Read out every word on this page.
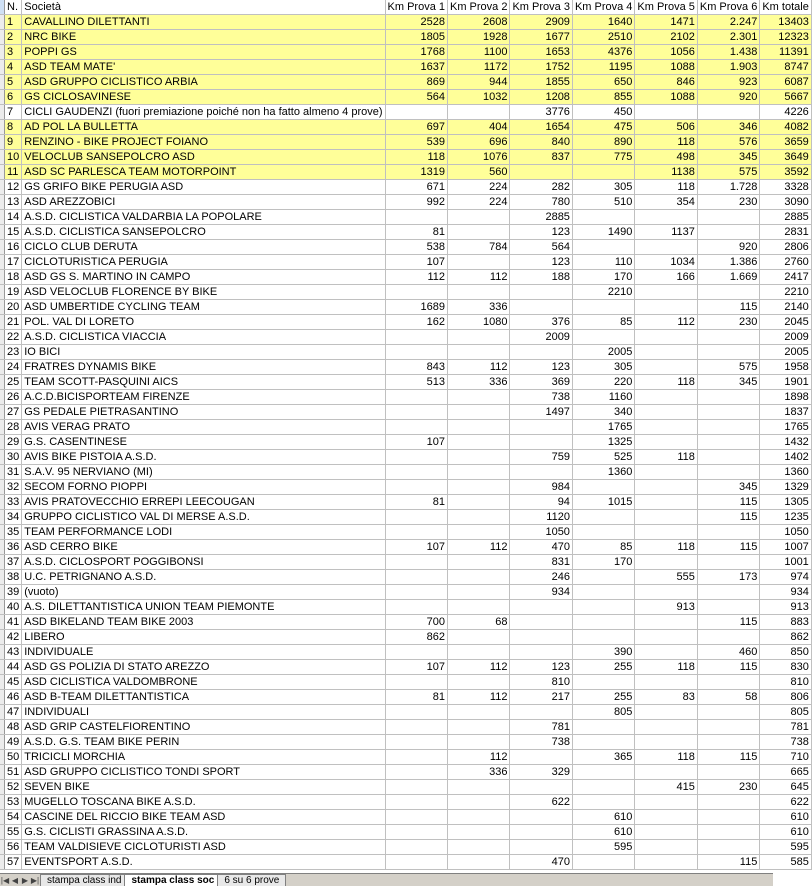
	N.	Società	Km Prova 1	Km Prova 2	Km Prova 3	Km Prova 4	Km Prova 5	Km Prova 6	Km totale
	1	CAVALLINO DILETTANTI	2528	2608	2909	1640	1471	2.247	13403
	2	NRC BIKE	1805	1928	1677	2510	2102	2.301	12323
	3	POPPI GS	1768	1100	1653	4376	1056	1.438	11391
	4	ASD TEAM MATE'	1637	1172	1752	1195	1088	1.903	8747
	5	ASD GRUPPO CICLISTICO ARBIA	869	944	1855	650	846	923	6087
	6	GS CICLOSAVINESE	564	1032	1208	855	1088	920	5667
	7	CICLI GAUDENZI (fuori premiazione poiché non ha fatto almeno 4 prove)			3776	450			4226
	8	AD POL LA BULLETTA	697	404	1654	475	506	346	4082
	9	RENZINO - BIKE PROJECT FOIANO	539	696	840	890	118	576	3659
	10	VELOCLUB SANSEPOLCRO ASD	118	1076	837	775	498	345	3649
	11	ASD SC PARLESCA TEAM MOTORPOINT	1319	560			1138	575	3592
	12	GS GRIFO BIKE PERUGIA ASD	671	224	282	305	118	1.728	3328
	13	ASD AREZZOBICI	992	224	780	510	354	230	3090
	14	A.S.D. CICLISTICA VALDARBIA LA POPOLARE			2885				2885
	15	A.S.D. CICLISTICA SANSEPOLCRO	81		123	1490	1137		2831
	16	CICLO CLUB DERUTA	538	784	564			920	2806
	17	CICLOTURISTICA PERUGIA	107		123	110	1034	1.386	2760
	18	ASD GS S. MARTINO IN CAMPO	112	112	188	170	166	1.669	2417
	19	ASD VELOCLUB FLORENCE BY BIKE				2210			2210
	20	ASD UMBERTIDE CYCLING TEAM	1689	336				115	2140
	21	POL. VAL DI LORETO	162	1080	376	85	112	230	2045
	22	A.S.D. CICLISTICA VIACCIA			2009				2009
	23	IO BICI				2005			2005
	24	FRATRES DYNAMIS BIKE	843	112	123	305		575	1958
	25	TEAM SCOTT-PASQUINI AICS	513	336	369	220	118	345	1901
	26	A.C.D.BICISPORTEAM FIRENZE			738	1160			1898
	27	GS PEDALE PIETRASANTINO			1497	340			1837
	28	AVIS VERAG PRATO				1765			1765
	29	G.S. CASENTINESE	107			1325			1432
	30	AVIS BIKE PISTOIA A.S.D.			759	525	118		1402
	31	S.A.V. 95 NERVIANO (MI)				1360			1360
	32	SECOM FORNO PIOPPI			984			345	1329
	33	AVIS PRATOVECCHIO ERREPI LEECOUGAN	81		94	1015		115	1305
	34	GRUPPO CICLISTICO VAL DI MERSE A.S.D.			1120			115	1235
	35	TEAM PERFORMANCE LODI			1050				1050
	36	ASD CERRO BIKE	107	112	470	85	118	115	1007
	37	A.S.D. CICLOSPORT POGGIBONSI			831	170			1001
	38	U.C. PETRIGNANO A.S.D.			246		555	173	974
	39	(vuoto)			934				934
	40	A.S. DILETTANTISTICA UNION TEAM PIEMONTE					913		913
	41	ASD BIKELAND TEAM BIKE 2003	700	68				115	883
	42	LIBERO	862						862
	43	INDIVIDUALE				390		460	850
	44	ASD GS POLIZIA DI STATO AREZZO	107	112	123	255	118	115	830
	45	ASD CICLISTICA VALDOMBRONE			810				810
	46	ASD B-TEAM DILETTANTISTICA	81	112	217	255	83	58	806
	47	INDIVIDUALI				805			805
	48	ASD GRIP CASTELFIORENTINO			781				781
	49	A.S.D. G.S. TEAM BIKE PERIN			738				738
	50	TRICICLI MORCHIA		112		365	118	115	710
	51	ASD GRUPPO CICLISTICO TONDI SPORT		336	329				665
	52	SEVEN BIKE					415	230	645
	53	MUGELLO TOSCANA BIKE A.S.D.			622				622
	54	CASCINE DEL RICCIO BIKE TEAM ASD				610			610
	55	G.S. CICLISTI GRASSINA A.S.D.				610			610
	56	TEAM VALDISIEVE CICLOTURISTI ASD				595			595
	57	EVENTSPORT A.S.D.			470			115	585
|◀ ◀ ▶ ▶| stampa class ind	stampa class soc	6 su 6 prove
